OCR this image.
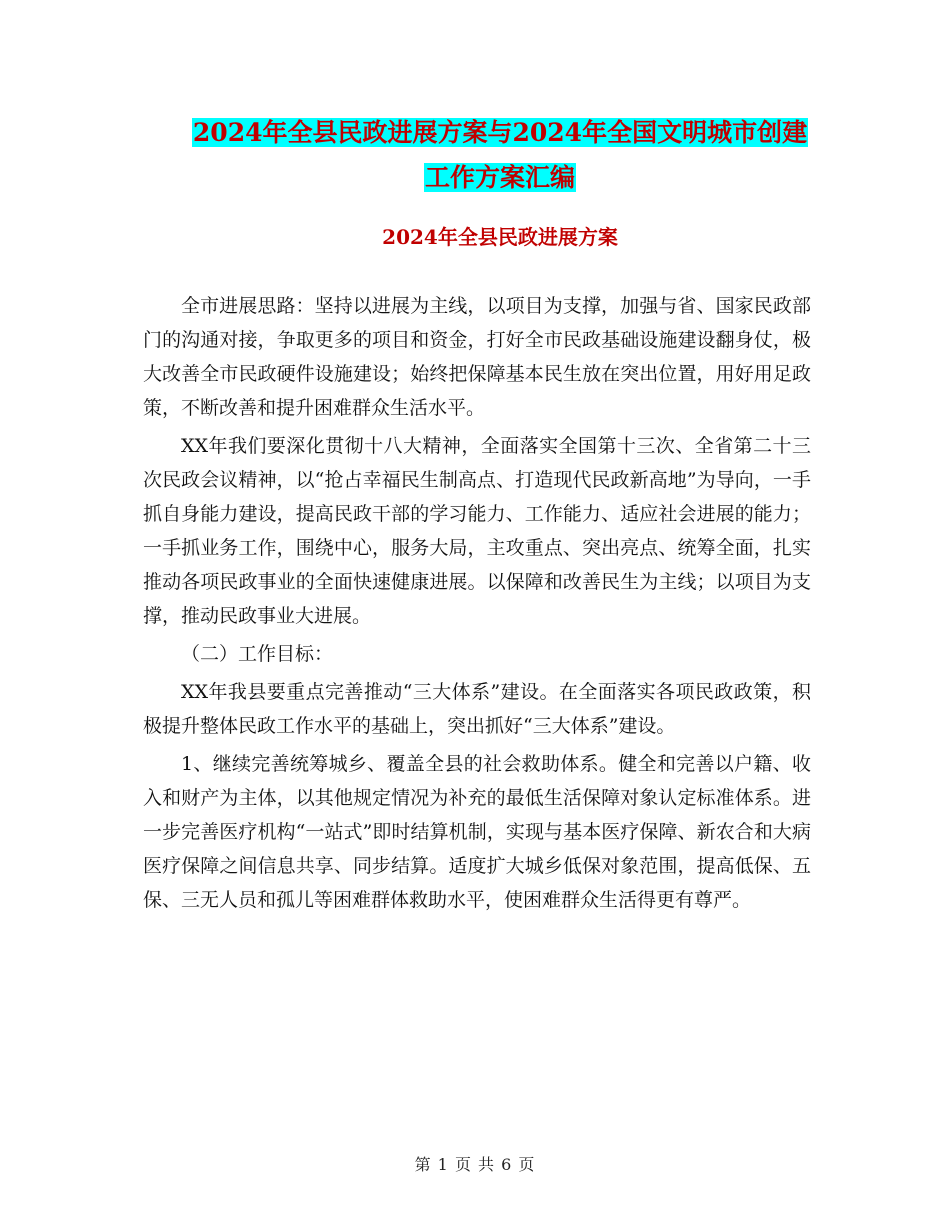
2024年全县民政进展方案与2024年全国文明城市创建
工作方案汇编
2024年全县民政进展方案

全市进展思路：坚持以进展为主线，以项目为支撑，加强与省、国家民政部门的沟通对接，争取更多的项目和资金，打好全市民政基础设施建设翻身仗，极大改善全市民政硬件设施建设；始终把保障基本民生放在突出位置，用好用足政策，不断改善和提升困难群众生活水平。

XX年我们要深化贯彻十八大精神，全面落实全国第十三次、全省第二十三次民政会议精神，以“抢占幸福民生制高点、打造现代民政新高地”为导向，一手抓自身能力建设，提高民政干部的学习能力、工作能力、适应社会进展的能力；一手抓业务工作，围绕中心，服务大局，主攻重点、突出亮点、统筹全面，扎实推动各项民政事业的全面快速健康进展。以保障和改善民生为主线；以项目为支撑，推动民政事业大进展。

（二）工作目标：

XX年我县要重点完善推动“三大体系”建设。在全面落实各项民政政策，积极提升整体民政工作水平的基础上，突出抓好“三大体系”建设。

1、继续完善统筹城乡、覆盖全县的社会救助体系。健全和完善以户籍、收入和财产为主体，以其他规定情况为补充的最低生活保障对象认定标准体系。进一步完善医疗机构“一站式”即时结算机制，实现与基本医疗保障、新农合和大病医疗保障之间信息共享、同步结算。适度扩大城乡低保对象范围，提高低保、五保、三无人员和孤儿等困难群体救助水平，使困难群众生活得更有尊严。

第 1 页 共 6 页
